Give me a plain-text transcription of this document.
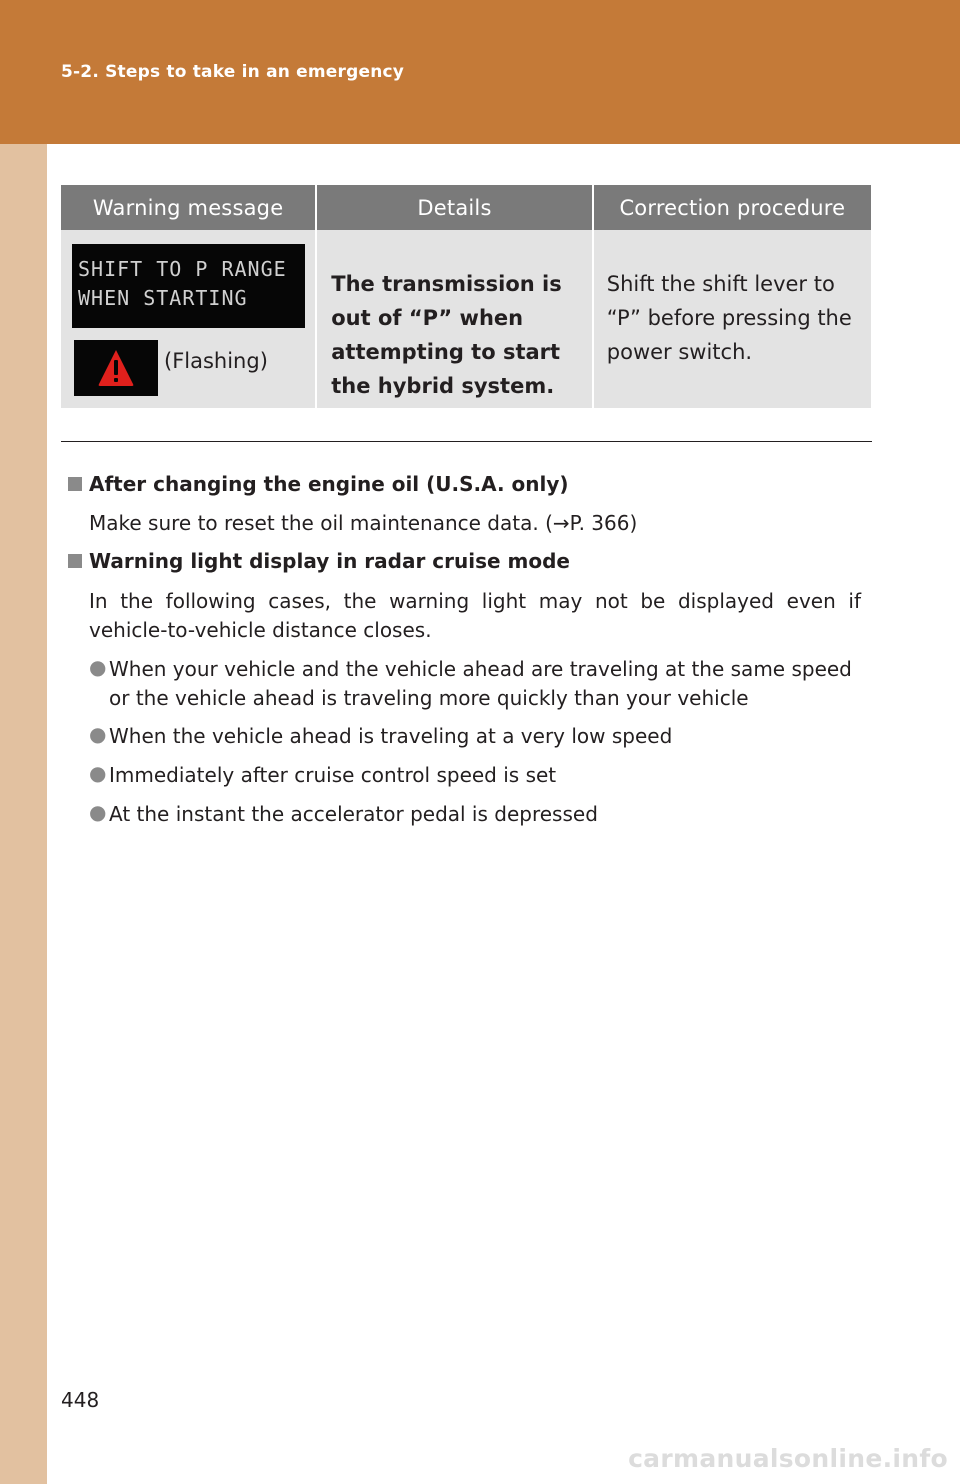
5-2. Steps to take in an emergency
Warning message	Details	Correction procedure

SHIFT TO P RANGE
WHEN STARTING
(Flashing)	The transmission is out of “P” when attempting to start the hybrid system.	Shift the shift lever to “P” before pressing the power switch.
After changing the engine oil (U.S.A. only)
Make sure to reset the oil maintenance data. (→P. 366)
Warning light display in radar cruise mode
In the following cases, the warning light may not be displayed even if vehicle-to-vehicle distance closes.
● When your vehicle and the vehicle ahead are traveling at the same speed or the vehicle ahead is traveling more quickly than your vehicle
● When the vehicle ahead is traveling at a very low speed
● Immediately after cruise control speed is set
● At the instant the accelerator pedal is depressed
448
carmanualsonline.info
